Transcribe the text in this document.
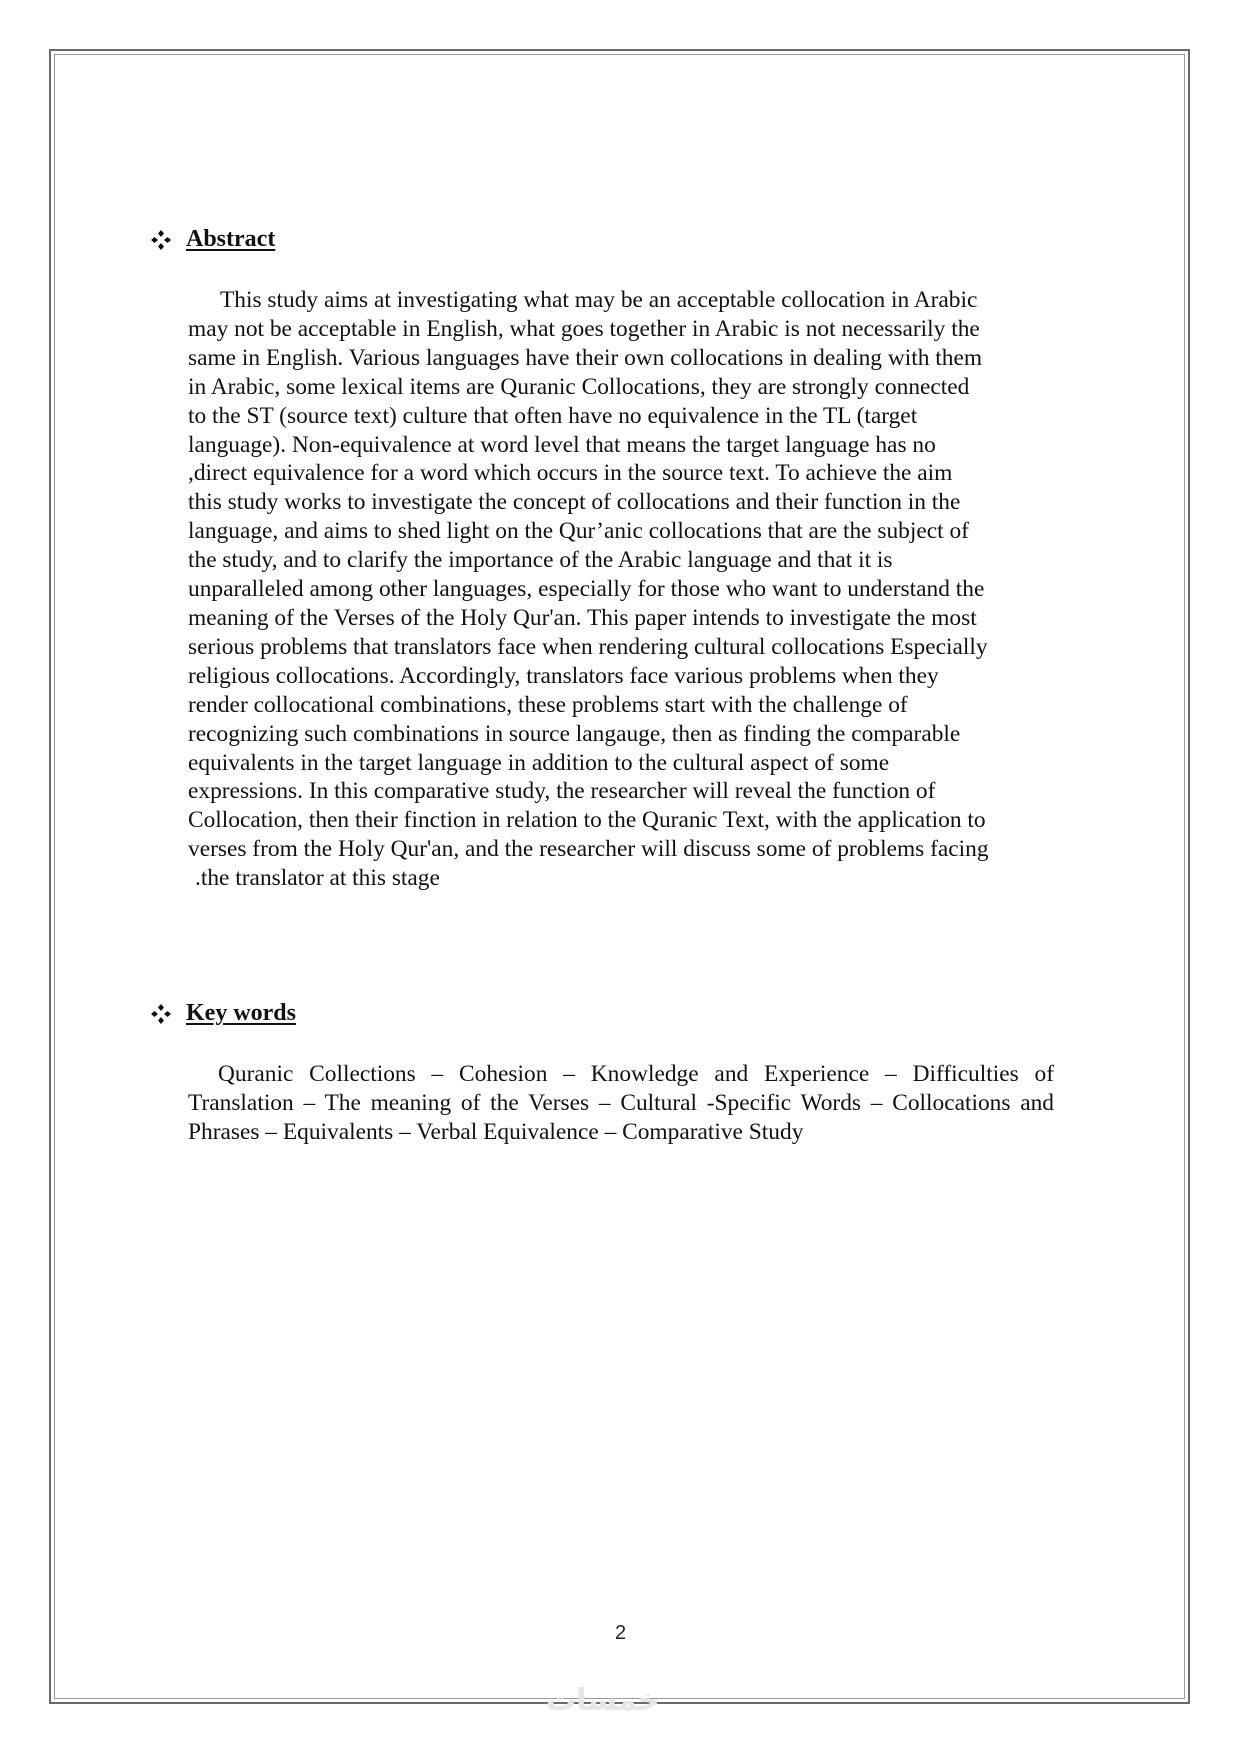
Abstract
This study aims at investigating what may be an acceptable collocation in Arabic
may not be acceptable in English, what goes together in Arabic is not necessarily the
same in English. Various languages have their own collocations in dealing with them
in Arabic, some lexical items are Quranic Collocations, they are strongly connected
to the ST (source text) culture that often have no equivalence in the TL (target
language). Non-equivalence at word level that means the target language has no
,direct equivalence for a word which occurs in the source text. To achieve the aim
this study works to investigate the concept of collocations and their function in the
language, and aims to shed light on the Qur’anic collocations that are the subject of
the study, and to clarify the importance of the Arabic language and that it is
unparalleled among other languages, especially for those who want to understand the
meaning of the Verses of the Holy Qur'an. This paper intends to investigate the most
serious problems that translators face when rendering cultural collocations Especially
religious collocations. Accordingly, translators face various problems when they
render collocational combinations, these problems start with the challenge of
recognizing such combinations in source langauge, then as finding the comparable
equivalents in the target language in addition to the cultural aspect of some
expressions. In this comparative study, the researcher will reveal the function of
Collocation, then their finction in relation to the Quranic Text, with the application to
verses from the Holy Qur'an, and the researcher will discuss some of problems facing
.the translator at this stage
Key words
Quranic Collections – Cohesion – Knowledge and Experience – Difficulties of Translation – The meaning of the Verses – Cultural -Specific Words – Collocations and Phrases – Equivalents – Verbal Equivalence – Comparative Study
2
خمسات
